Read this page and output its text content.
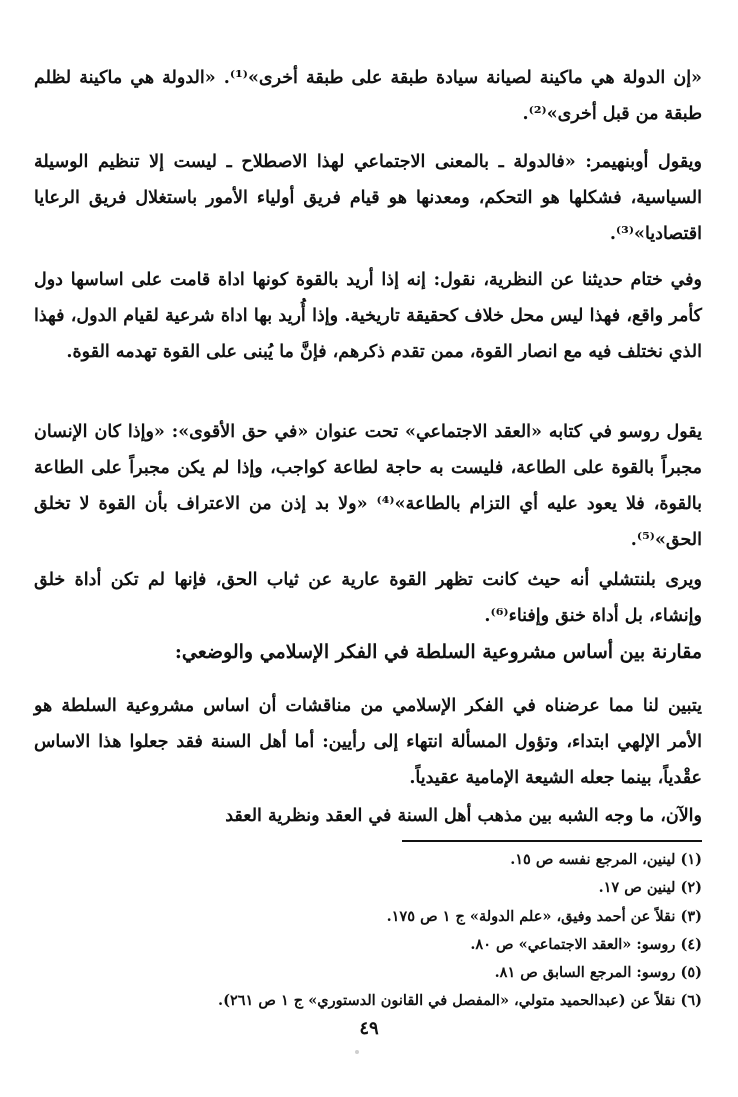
«إن الدولة هي ماكينة لصيانة سيادة طبقة على طبقة أخرى»⁽¹⁾. «الدولة هي ماكينة لظلم طبقة من قبل أخرى»⁽²⁾.

ويقول أوبنهيمر: «فالدولة ـ بالمعنى الاجتماعي لهذا الاصطلاح ـ ليست إلا تنظيم الوسيلة السياسية، فشكلها هو التحكم، ومعدنها هو قيام فريق أولياء الأمور باستغلال فريق الرعايا اقتصاديا»⁽³⁾.

وفي ختام حديثنا عن النظرية، نقول: إنه إذا أريد بالقوة كونها اداة قامت على اساسها دول كأمر واقع، فهذا ليس محل خلاف كحقيقة تاريخية. وإذا أُريد بها اداة شرعية لقيام الدول، فهذا الذي نختلف فيه مع انصار القوة، ممن تقدم ذكرهم، فإنَّ ما يُبنى على القوة تهدمه القوة.

يقول روسو في كتابه «العقد الاجتماعي» تحت عنوان «في حق الأقوى»: «وإذا كان الإنسان مجبراً بالقوة على الطاعة، فليست به حاجة لطاعة كواجب، وإذا لم يكن مجبراً على الطاعة بالقوة، فلا يعود عليه أي التزام بالطاعة»⁽⁴⁾ «ولا بد إذن من الاعتراف بأن القوة لا تخلق الحق»⁽⁵⁾.

ويرى بلنتشلي أنه حيث كانت تظهر القوة عارية عن ثياب الحق، فإنها لم تكن أداة خلق وإنشاء، بل أداة خنق وإفناء⁽⁶⁾.

مقارنة بين أساس مشروعية السلطة في الفكر الإسلامي والوضعي:

يتبين لنا مما عرضناه في الفكر الإسلامي من مناقشات أن اساس مشروعية السلطة هو الأمر الإلهي ابتداء، وتؤول المسألة انتهاء إلى رأيين: أما أهل السنة فقد جعلوا هذا الاساس عقْدياً، بينما جعله الشيعة الإمامية عقيدياً.

والآن، ما وجه الشبه بين مذهب أهل السنة في العقد ونظرية العقد

(١) لينين، المرجع نفسه ص ١٥.
(٢) لينين ص ١٧.
(٣) نقلاً عن أحمد وفيق، «علم الدولة» ج ١ ص ١٧٥.
(٤) روسو: «العقد الاجتماعي» ص ٨٠.
(٥) روسو: المرجع السابق ص ٨١.
(٦) نقلاً عن (عبدالحميد متولي، «المفصل في القانون الدستوري» ج ١ ص ٢٦١).
٤٩
